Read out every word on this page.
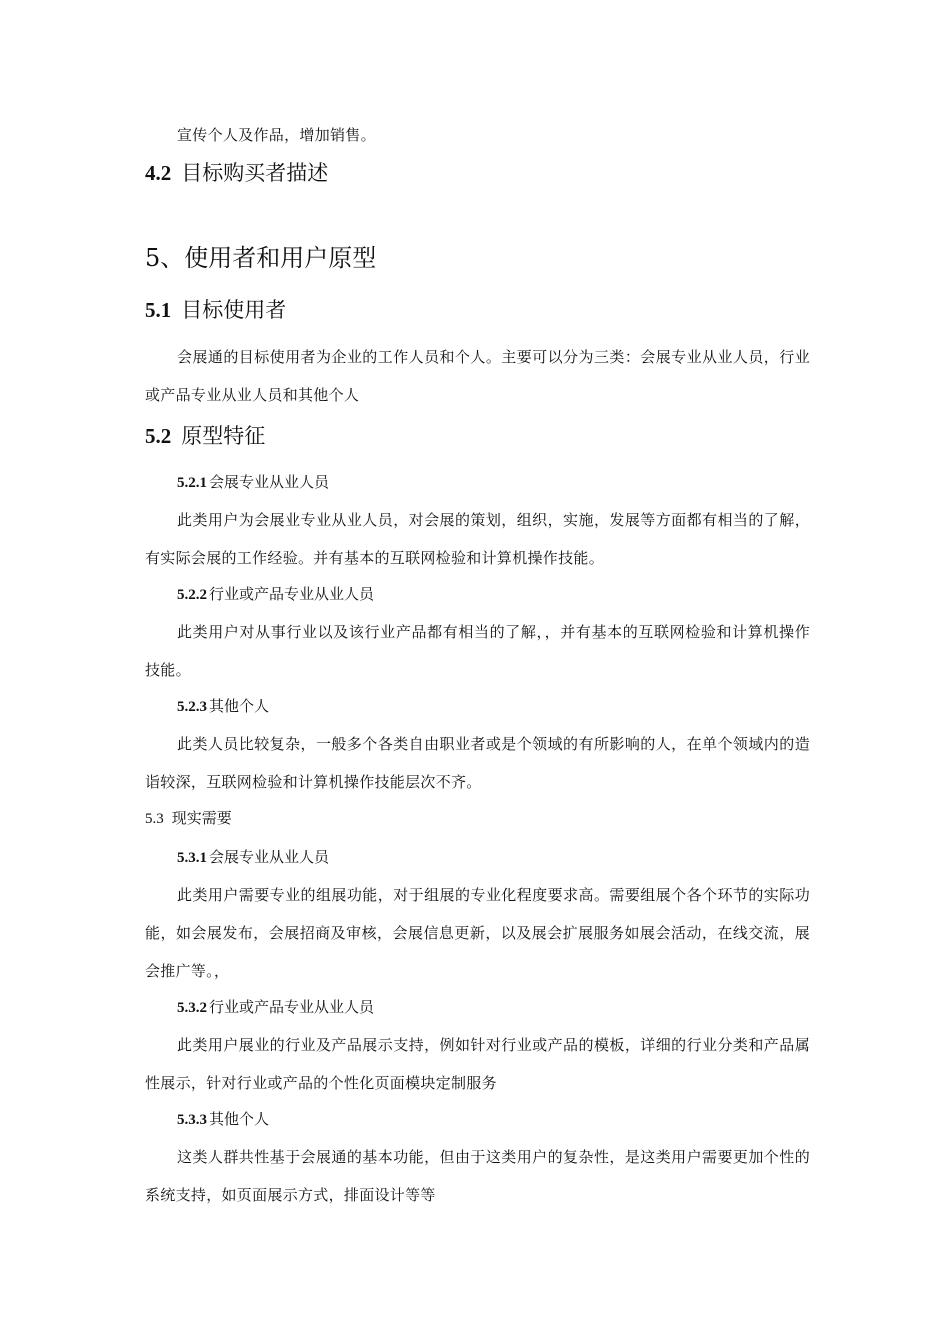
宣传个人及作品，增加销售。

4.2 目标购买者描述
5、使用者和用户原型
5.1 目标使用者

会展通的目标使用者为企业的工作人员和个人。主要可以分为三类：会展专业从业人员，行业或产品专业从业人员和其他个人

5.2 原型特征
5.2.1 会展专业从业人员

此类用户为会展业专业从业人员，对会展的策划，组织，实施，发展等方面都有相当的了解，有实际会展的工作经验。并有基本的互联网检验和计算机操作技能。

5.2.2 行业或产品专业从业人员

此类用户对从事行业以及该行业产品都有相当的了解，，并有基本的互联网检验和计算机操作技能。

5.2.3 其他个人

此类人员比较复杂，一般多个各类自由职业者或是个领域的有所影响的人，在单个领域内的造诣较深，互联网检验和计算机操作技能层次不齐。

5.3 现实需要
5.3.1 会展专业从业人员

此类用户需要专业的组展功能，对于组展的专业化程度要求高。需要组展个各个环节的实际功能，如会展发布，会展招商及审核，会展信息更新，以及展会扩展服务如展会活动，在线交流，展会推广等。，

5.3.2 行业或产品专业从业人员

此类用户展业的行业及产品展示支持，例如针对行业或产品的模板，详细的行业分类和产品属性展示，针对行业或产品的个性化页面模块定制服务

5.3.3 其他个人

这类人群共性基于会展通的基本功能，但由于这类用户的复杂性，是这类用户需要更加个性的系统支持，如页面展示方式，排面设计等等
